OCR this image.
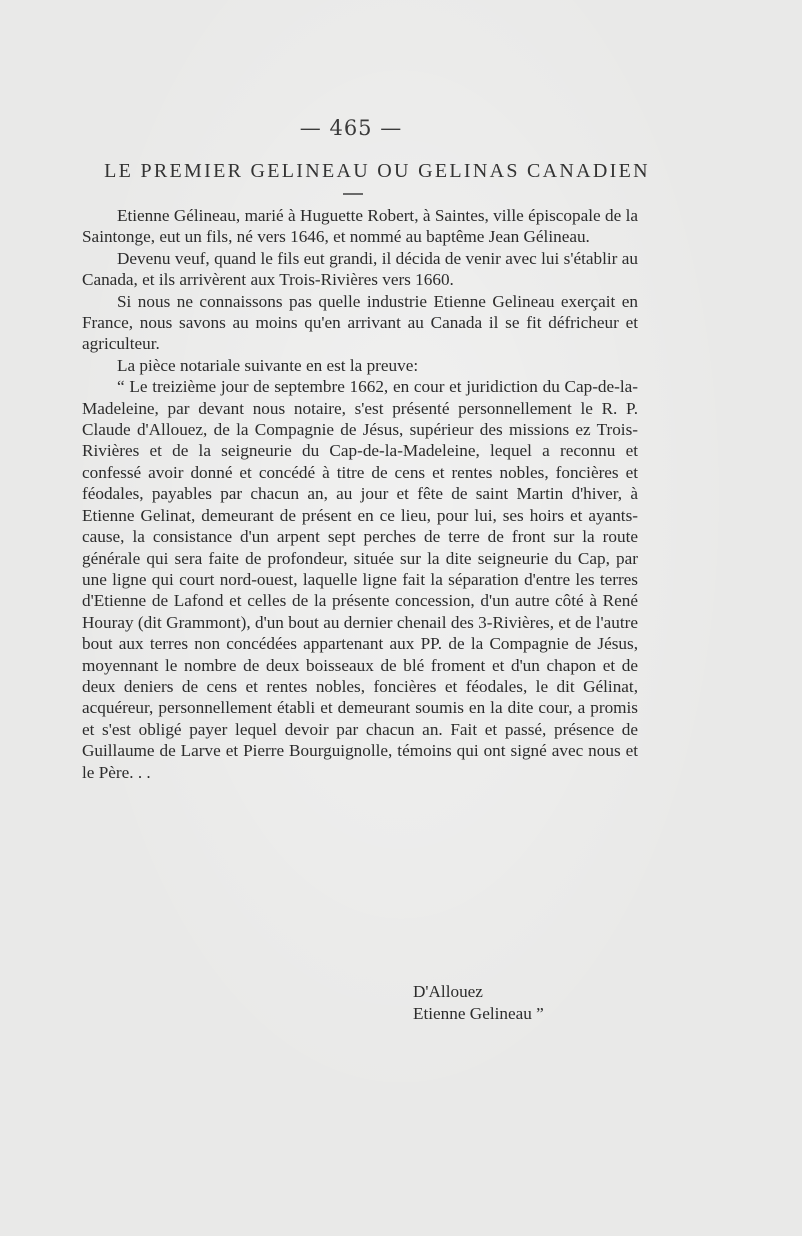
— 465 —
LE PREMIER GELINEAU OU GELINAS CANADIEN

Etienne Gélineau, marié à Huguette Robert, à Saintes, ville épiscopale de la Saintonge, eut un fils, né vers 1646, et nommé au baptême Jean Gélineau.

Devenu veuf, quand le fils eut grandi, il décida de venir avec lui s'établir au Canada, et ils arrivèrent aux Trois-Rivières vers 1660.

Si nous ne connaissons pas quelle industrie Etienne Gelineau exerçait en France, nous savons au moins qu'en arrivant au Canada il se fit défricheur et agriculteur.

La pièce notariale suivante en est la preuve:

“ Le treizième jour de septembre 1662, en cour et juridiction du Cap-de-la-Madeleine, par devant nous notaire, s'est présenté personnellement le R. P. Claude d'Allouez, de la Compagnie de Jésus, supérieur des missions ez Trois-Rivières et de la seigneurie du Cap-de-la-Madeleine, lequel a reconnu et confessé avoir donné et concédé à titre de cens et rentes nobles, foncières et féodales, payables par chacun an, au jour et fête de saint Martin d'hiver, à Etienne Gelinat, demeurant de présent en ce lieu, pour lui, ses hoirs et ayants-cause, la consistance d'un arpent sept perches de terre de front sur la route générale qui sera faite de profondeur, située sur la dite seigneurie du Cap, par une ligne qui court nord-ouest, laquelle ligne fait la séparation d'entre les terres d'Etienne de Lafond et celles de la présente concession, d'un autre côté à René Houray (dit Grammont), d'un bout au dernier chenail des 3-Rivières, et de l'autre bout aux terres non concédées appartenant aux PP. de la Compagnie de Jésus, moyennant le nombre de deux boisseaux de blé froment et d'un chapon et de deux deniers de cens et rentes nobles, foncières et féodales, le dit Gélinat, acquéreur, personnellement établi et demeurant soumis en la dite cour, a promis et s'est obligé payer lequel devoir par chacun an. Fait et passé, présence de Guillaume de Larve et Pierre Bourguignolle, témoins qui ont signé avec nous et le Père. . .

D'Allouez
Etienne Gelineau ”
